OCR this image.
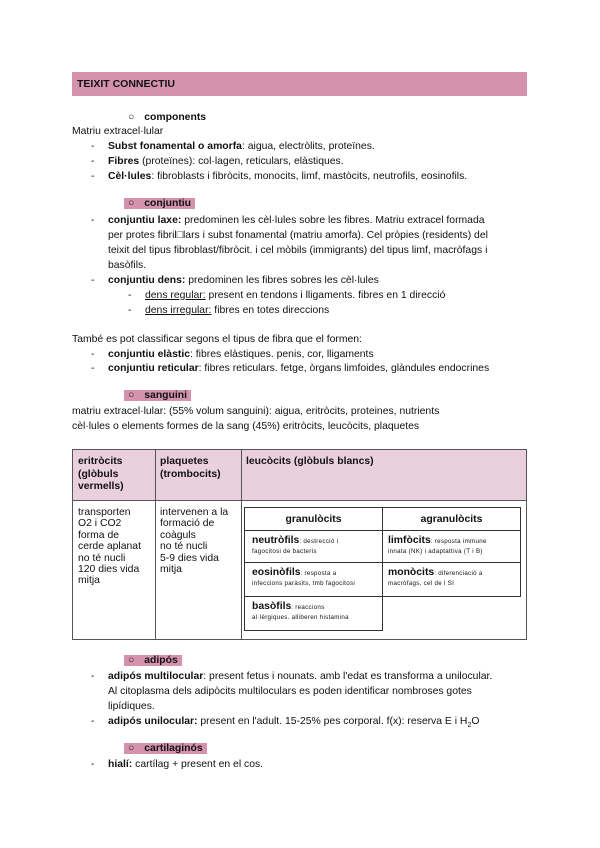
TEIXIT CONNECTIU
○ components
Matriu extracel·lular
- Subst fonamental o amorfa: aigua, electròlits, proteïnes.
- Fibres (proteïnes): col·lagen, reticulars, elàstiques.
- Cèl·lules: fibroblasts i fibròcits, monocits, limf, mastòcits, neutrofils, eosinofils.
○ conjuntiu
- conjuntiu laxe: predominen les cèl·lules sobre les fibres. Matriu extracel formada
per protes fibril□lars i subst fonamental (matriu amorfa). Cel pròpies (residents) del
teixit del tipus fibroblast/fibròcit. i cel mòbils (immigrants) del tipus limf, macròfags i
basòfils.
- conjuntiu dens: predominen les fibres sobres les cèl·lules
- dens regular: present en tendons i lligaments. fibres en 1 direcció
- dens irregular: fibres en totes direccions
També es pot classificar segons el tipus de fibra que el formen:
- conjuntiu elàstic: fibres elàstiques. penis, cor, lligaments
- conjuntiu reticular: fibres reticulars. fetge, òrgans limfoides, glàndules endocrines
○ sanguini
matriu extracel·lular: (55% volum sanguini): aigua, eritròcits, proteines, nutrients
cèl·lules o elements formes de la sang (45%) eritròcits, leucòcits, plaquetes
eritròcits
(glòbuls
vermells)
plaquetes
(trombocits)
leucòcits (glòbuls blancs)
transporten
O2 i CO2
forma de
cerde aplanat
no té nucli
120 dies vida
mitja
intervenen a la
formació de
coàguls
no té nucli
5-9 dies vida
mitja
granulòcits	agranulòcits
neutròfils: destrecció i
fagocitosi de bacteris
limfòcits: resposta immune
innata (NK) i adaptattiva (T i B)
eosinòfils: resposta a
infeccions paràsits, tmb fagocitosi
monòcits: diferenciació a
macròfags, cel de l SI
basòfils: reaccions
al·lèrgiques. alliberen histamina
○ adipós
- adipós multilocular: present fetus i nounats. amb l'edat es transforma a unilocular.
Al citoplasma dels adipòcits multiloculars es poden identificar nombroses gotes
lipídiques.
- adipós unilocular: present en l'adult. 15-25% pes corporal. f(x): reserva E i $H_2O$
○ cartilaginós
- hialí: cartílag + present en el cos.
